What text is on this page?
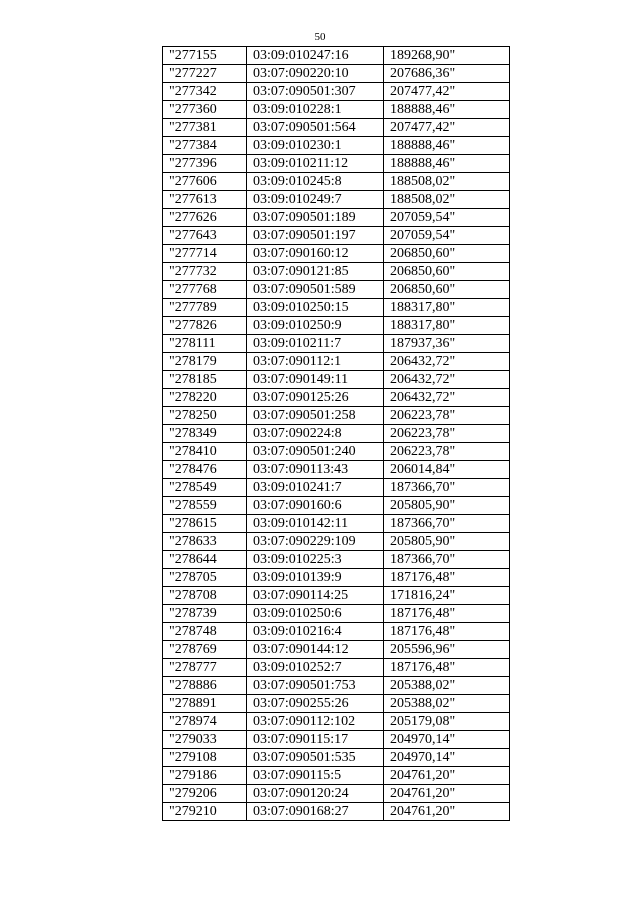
50
"277155	03:09:010247:16	189268,90"
"277227	03:07:090220:10	207686,36"
"277342	03:07:090501:307	207477,42"
"277360	03:09:010228:1	188888,46"
"277381	03:07:090501:564	207477,42"
"277384	03:09:010230:1	188888,46"
"277396	03:09:010211:12	188888,46"
"277606	03:09:010245:8	188508,02"
"277613	03:09:010249:7	188508,02"
"277626	03:07:090501:189	207059,54"
"277643	03:07:090501:197	207059,54"
"277714	03:07:090160:12	206850,60"
"277732	03:07:090121:85	206850,60"
"277768	03:07:090501:589	206850,60"
"277789	03:09:010250:15	188317,80"
"277826	03:09:010250:9	188317,80"
"278111	03:09:010211:7	187937,36"
"278179	03:07:090112:1	206432,72"
"278185	03:07:090149:11	206432,72"
"278220	03:07:090125:26	206432,72"
"278250	03:07:090501:258	206223,78"
"278349	03:07:090224:8	206223,78"
"278410	03:07:090501:240	206223,78"
"278476	03:07:090113:43	206014,84"
"278549	03:09:010241:7	187366,70"
"278559	03:07:090160:6	205805,90"
"278615	03:09:010142:11	187366,70"
"278633	03:07:090229:109	205805,90"
"278644	03:09:010225:3	187366,70"
"278705	03:09:010139:9	187176,48"
"278708	03:07:090114:25	171816,24"
"278739	03:09:010250:6	187176,48"
"278748	03:09:010216:4	187176,48"
"278769	03:07:090144:12	205596,96"
"278777	03:09:010252:7	187176,48"
"278886	03:07:090501:753	205388,02"
"278891	03:07:090255:26	205388,02"
"278974	03:07:090112:102	205179,08"
"279033	03:07:090115:17	204970,14"
"279108	03:07:090501:535	204970,14"
"279186	03:07:090115:5	204761,20"
"279206	03:07:090120:24	204761,20"
"279210	03:07:090168:27	204761,20"
